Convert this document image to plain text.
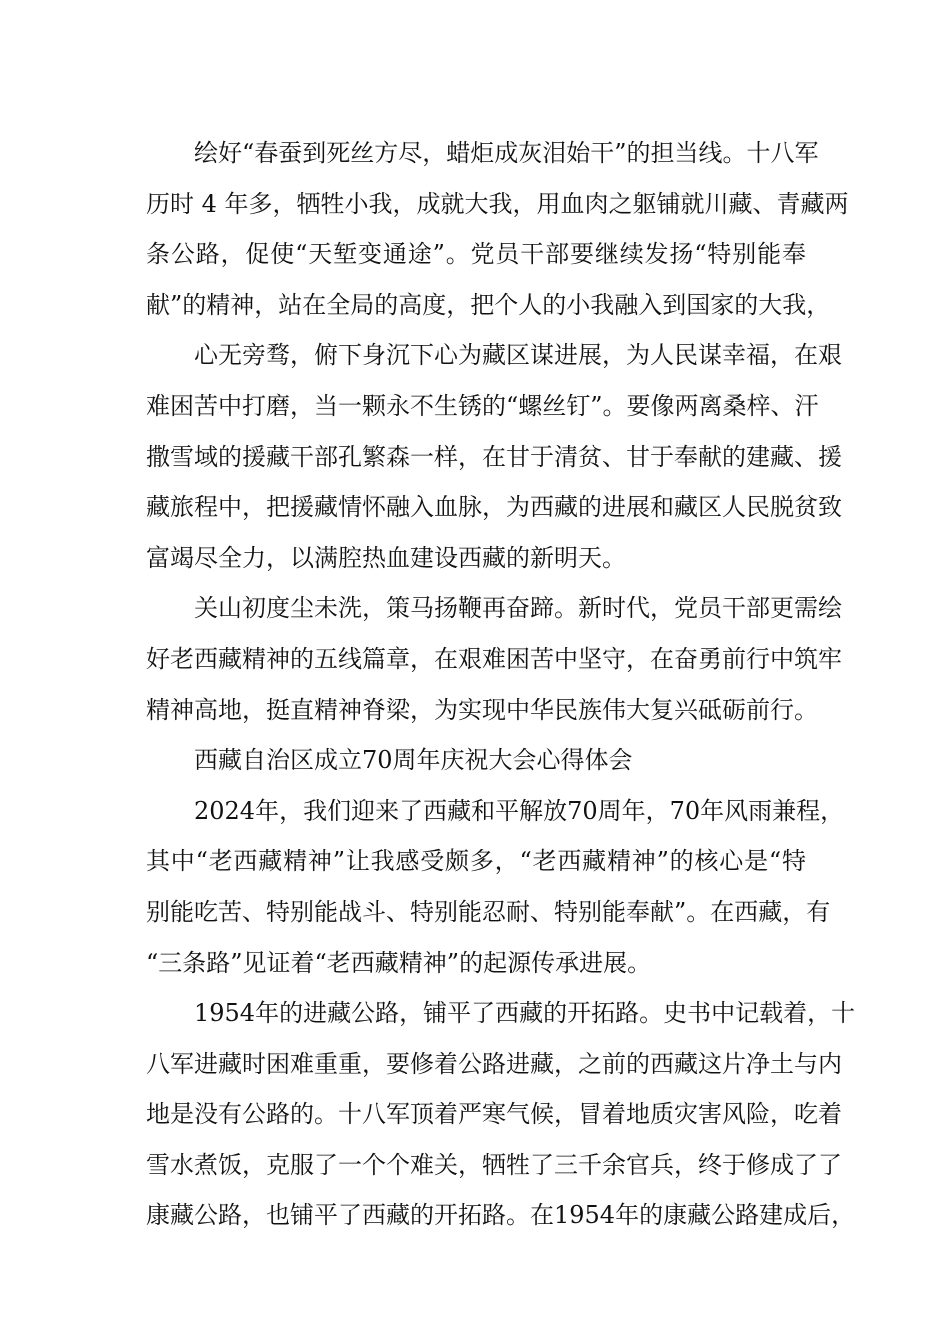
绘好“春蚕到死丝方尽，蜡炬成灰泪始干”的担当线。十八军
历时 4 年多，牺牲小我，成就大我，用血肉之躯铺就川藏、青藏两
条公路，促使“天堑变通途”。党员干部要继续发扬“特别能奉
献”的精神，站在全局的高度，把个人的小我融入到国家的大我，
心无旁骛，俯下身沉下心为藏区谋进展，为人民谋幸福，在艰
难困苦中打磨，当一颗永不生锈的“螺丝钉”。要像两离桑梓、汗
撒雪域的援藏干部孔繁森一样，在甘于清贫、甘于奉献的建藏、援
藏旅程中，把援藏情怀融入血脉，为西藏的进展和藏区人民脱贫致
富竭尽全力，以满腔热血建设西藏的新明天。
关山初度尘未洗，策马扬鞭再奋蹄。新时代，党员干部更需绘
好老西藏精神的五线篇章，在艰难困苦中坚守，在奋勇前行中筑牢
精神高地，挺直精神脊梁，为实现中华民族伟大复兴砥砺前行。
西藏自治区成立70周年庆祝大会心得体会
2024年，我们迎来了西藏和平解放70周年，70年风雨兼程，
其中“老西藏精神”让我感受颇多，“老西藏精神”的核心是“特
别能吃苦、特别能战斗、特别能忍耐、特别能奉献”。在西藏，有
“三条路”见证着“老西藏精神”的起源传承进展。
1954年的进藏公路，铺平了西藏的开拓路。史书中记载着，十
八军进藏时困难重重，要修着公路进藏，之前的西藏这片净土与内
地是没有公路的。十八军顶着严寒气候，冒着地质灾害风险，吃着
雪水煮饭，克服了一个个难关，牺牲了三千余官兵，终于修成了了
康藏公路，也铺平了西藏的开拓路。在1954年的康藏公路建成后，
